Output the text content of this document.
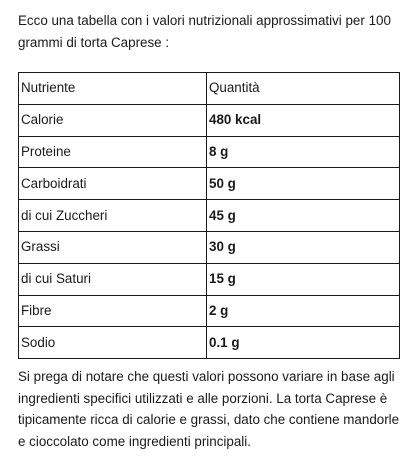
Ecco una tabella con i valori nutrizionali approssimativi per 100 grammi di torta Caprese :

Nutriente	Quantità
Calorie	480 kcal
Proteine	8 g
Carboidrati	50 g
di cui Zuccheri	45 g
Grassi	30 g
di cui Saturi	15 g
Fibre	2 g
Sodio	0.1 g

Si prega di notare che questi valori possono variare in base agli ingredienti specifici utilizzati e alle porzioni. La torta Caprese è tipicamente ricca di calorie e grassi, dato che contiene mandorle e cioccolato come ingredienti principali.
